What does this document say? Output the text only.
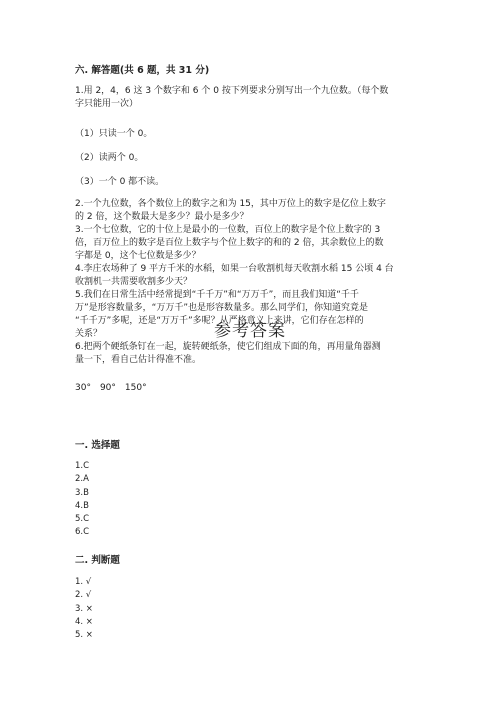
六. 解答题(共 6 题，共 31 分)
1.用 2，4，6 这 3 个数字和 6 个 0 按下列要求分别写出一个九位数。（每个数
字只能用一次）
（1）只读一个 0。
（2）读两个 0。
（3）一个 0 都不读。
2.一个九位数，各个数位上的数字之和为 15，其中万位上的数字是亿位上数字
的 2 倍，这个数最大是多少？最小是多少？
3.一个七位数，它的十位上是最小的一位数，百位上的数字是个位上数字的 3
倍，百万位上的数字是百位上数字与个位上数字的和的 2 倍，其余数位上的数
字都是 0，这个七位数是多少？
4.李庄农场种了 9 平方千米的水稻，如果一台收割机每天收割水稻 15 公顷 4 台
收割机一共需要收割多少天？
5.我们在日常生活中经常提到“千千万”和“万万千”，而且我们知道“千千
万”是形容数量多，“万万千”也是形容数量多。那么同学们，你知道究竟是
“千千万”多呢，还是“万万千”多呢？从严格意义上来讲，它们存在怎样的
关系？
6.把两个硬纸条钉在一起，旋转硬纸条，使它们组成下面的角，再用量角器测
量一下，看自己估计得准不准。
30°　90°　150°
参考答案
一. 选择题
1.C
2.A
3.B
4.B
5.C
6.C
二. 判断题
1. √
2. √
3. ×
4. ×
5. ×
